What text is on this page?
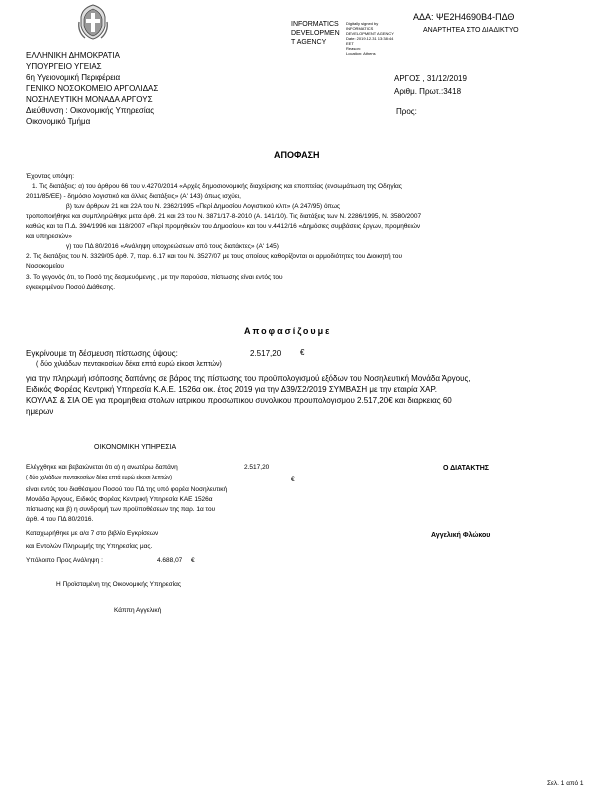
ΑΔΑ: ΨΕ2Η4690Β4-ΠΔΘ
ΑΝΑΡΤΗΤΕΑ ΣΤΟ ΔΙΑΔΙΚΤΥΟ
INFORMATICS
DEVELOPMEN
T AGENCY
Digitally signed by
INFORMATICS
DEVELOPMENT AGENCY
Date: 2019.12.31 13:38:44
EET
Reason:
Location: Athens
ΕΛΛΗΝΙΚΗ ΔΗΜΟΚΡΑΤΙΑ
ΥΠΟΥΡΓΕΙΟ ΥΓΕΙΑΣ
6η Υγειονομική Περιφέρεια
ΓΕΝΙΚΟ ΝΟΣΟΚΟΜΕΙΟ ΑΡΓΟΛΙΔΑΣ
ΝΟΣΗΛΕΥΤΙΚΗ ΜΟΝΑΔΑ ΑΡΓΟΥΣ
Διεύθυνση : Οικονομικής Υπηρεσίας
Οικονομικό Τμήμα
ΑΡΓΟΣ , 31/12/2019
Αριθμ. Πρωτ.:3418
Προς:
ΑΠΟΦΑΣΗ
Έχοντας υπόψη:
1. Τις διατάξεις: α) του άρθρου 66 του ν.4270/2014 «Αρχές δημοσιονομικής διαχείρισης και εποπτείας (ενσωμάτωση της Οδηγίας
2011/85/ΕΕ) - δημόσιο λογιστικό και άλλες διατάξεις» (Α' 143) όπως ισχύει,
β) των άρθρων 21 και 22Α του Ν. 2362/1995 «Περί Δημοσίου Λογιστικού κλπ» (Α 247/95) όπως
τροποποιήθηκε και συμπληρώθηκε μετα άρθ. 21 και 23 του Ν. 3871/17-8-2010 (Α. 141/10). Τις διατάξεις των Ν. 2286/1995, Ν. 3580/2007
καθώς και τα Π.Δ. 394/1996 και 118/2007 «Περί προμηθειών του Δημοσίου» και του ν.4412/16 «Δημόσιες συμβάσεις έργων, προμηθειών
και υπηρεσιών»
γ) του ΠΔ 80/2016 «Ανάληψη υποχρεώσεων από τους διατάκτες» (Α' 145)
2. Τις διατάξεις του Ν. 3329/05 άρθ. 7, παρ. 6.17 και του Ν. 3527/07 με τους οποίους καθορίζονται οι αρμοδιότητες του Διοικητή του
Νοσοκομείου
3. Το γεγονός ότι, το Ποσό της δεσμευόμενης , με την παρούσα, πίστωσης είναι εντός του
εγκεκριμένου Ποσού Διάθεσης.
Αποφασίζουμε
Εγκρίνουμε τη δέσμευση πίστωσης ύψους:	2.517,20 €
( δύο χιλιάδων πεντακοσίων δέκα επτά ευρώ είκοσι λεπτών)
για την πληρωμή ισόποσης δαπάνης σε βάρος της πίστωσης του προϋπολογισμού εξόδων του Νοσηλευτική Μονάδα Άργους,
Ειδικός Φορέας Κεντρική Υπηρεσία Κ.Α.Ε. 1526α οικ. έτος 2019 για την Δ39/Σ2/2019 ΣΥΜΒΑΣΗ με την εταιρία ΧΑΡ.
ΚΟΥΛΑΣ & ΣΙΑ ΟΕ για προμηθεια στολων ιατρικου προσωπικου συνολικου προυπολογισμου 2.517,20€ και διαρκειας 60
ημερων
ΟΙΚΟΝΟΜΙΚΗ ΥΠΗΡΕΣΙΑ
Ελέγχθηκε και βεβαιώνεται ότι α) η ανωτέρω δαπάνη	2.517,20
( δύο χιλιάδων πεντακοσίων δέκα επτά ευρώ είκοσι λεπτών)	€
είναι εντός του διαθέσιμου Ποσού του ΠΔ της υπό φορέα Νοσηλευτική
Μονάδα Άργους, Ειδικός Φορέας Κεντρική Υπηρεσία ΚΑΕ 1526α
πίστωσης και β) η συνδρομή των προϋποθέσεων της παρ. 1α του
άρθ. 4 του ΠΔ 80/2016.
Καταχωρήθηκε με α/α 7 στο βιβλίο Εγκρίσεων
και Εντολών Πληρωμής της Υπηρεσίας μας.
Υπόλοιπο Προς Ανάληψη :	4.688,07 €
Η Προϊσταμένη της Οικονομικής Υπηρεσίας
Κάππη Αγγελική
Ο ΔΙΑΤΑΚΤΗΣ
Αγγελική Φλώκου
Σελ. 1 από 1
